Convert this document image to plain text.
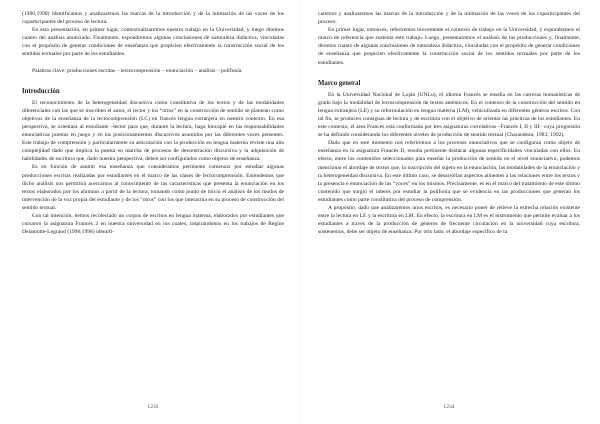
(1996,1998) identificamos y analizaremos las marcas de la introducción y de la intimación de las voces de los coparticipantes del proceso de lectura.

En esta presentación, en primer lugar, contextualizaremos nuestro trabajo en la Universidad, y luego diremos cuanto del análisis anunciado. Finalmente, expondremos algunas conclusiones de naturaleza didáctica, vinculadas con el propósito de generar condiciones de enseñanza que propicien efectivamente la construcción social de los sentidos textuales por parte de los estudiantes.

Palabras clave: producciones escritas – lectocomprensión – enunciación – análisis – polifonía.

Introducción

El reconocimiento de la heterogeneidad discursiva como constitutiva de los textos y de las modalidades diferenciales con las que se inscriben el autor, el lector y los “otros” en la construcción de sentido se plantean como objetivos de la enseñanza de la lectocomprensión (LC) en francés lengua extranjera en nuestro contexto. En esa perspectiva, se orientará al estudiante –lector para que, durante la lectura, haga hincapié en las responsabilidades enunciativas puestas en juego y en los posicionamientos discursivos asumidos por las diferentes voces presentes. Este trabajo de comprensión y particularmente su articulación con la producción en lengua materna reviste una alta complejidad dado que implica la puesta en marcha de procesos de descentración discursiva y la adquisición de habilidades de escritura que, dado nuestra perspectiva, deben ser configurados como objetos de enseñanza.

Es en función de asumir esa enseñanza que consideramos pertinente comenzar por estudiar algunas producciones escritas realizadas por estudiantes en el marco de las clases de lectocomprensión. Entendemos que dicho análisis nos permitirá acercarnos al conocimiento de las características que presenta la enunciación en los textos elaborados por los alumnos a partir de la lectura, tomando como punto de inicio el análisis de los modos de intervención de la voz propia del estudiante y de los “otros” con los que interactúa en su proceso de construcción del sentido textual.

Con tal intención, hemos recolectado un corpus de escritos en lengua materna, elaborados por estudiantes que cursaron la asignatura Francés 2 en nuestra universidad en los cuales, inspirándonos en los trabajos de Régine Delamotte-Legrand (1996,1998) identifi-

1233

caremos y analizaremos las marcas de la introducción y de la intimación de las voces de los coparticipantes del proceso.

En primer lugar, entonces, referiremos brevemente el contexto de trabajo en la Universidad, y expondremos el marco de referencia que sustenta este trabajo. Luego, presentaremos el análisis de las producciones y, finalmente, diremos cuanto de algunas conclusiones de naturaleza didáctica, vinculadas con el propósito de generar condiciones de enseñanza que propicien efectivamente la construcción social de los sentidos textuales por parte de los estudiantes.

Marco general

En la Universidad Nacional de Luján (UNLu), el idioma Francés se enseña en las carreras humanísticas de grado bajo la modalidad de lectocomprensión de textos auténticos. En el contexto de la construcción del sentido en lengua extranjera (LE) y su reformulación en lengua materna (LM), vehiculizada en diferentes géneros escritos. Con tal fin, se producen consignas de lectura y de escritura con el objetivo de orientar las prácticas de los estudiantes. En este contexto, el área Francés está conformada por tres asignaturas correlativas –Francés I, II y III– cuya progresión se ha definido considerando los diferentes niveles de producción de sentido textual (Charaudeau, 1983; 1992).

Dado que en este momento nos referiremos a los procesos enunciativos que se configuran como objeto de enseñanza en la asignatura Francés II, resulta pertinente destacar algunas especificidades vinculadas con ellos. En efecto, entre los contenidos seleccionados para enseñar la producción de sentido en el nivel enunciativo, podemos mencionar el abordaje de textos que, la inscripción del sujeto en la enunciación, las modalidades de la enunciación y la heterogeneidad discursiva. En este último caso, se desarrollan aspectos atinentes a las relaciones entre los textos y la presencia e enunciación de las “voces” en los mismos. Precisamente, es en el marco del tratamiento de este último contenido que surgió el interés por estudiar la polifonía que se evidencia en las producciones que generan los estudiantes como parte constitutiva del proceso de comprensión.

A propósito, dado que analizaremos unos escritos, es necesario poner de relieve la estrecha relación existente entre la lectura en LE y la escritura en LM. En efecto, la escritura en LM es el instrumento que permite evaluar a los estudiantes a través de la producción de géneros de frecuente circulación en la universidad cuya escritura, sostenemos, debe ser objeto de enseñanza. Por otro lado, el abordaje específico de la

1234
